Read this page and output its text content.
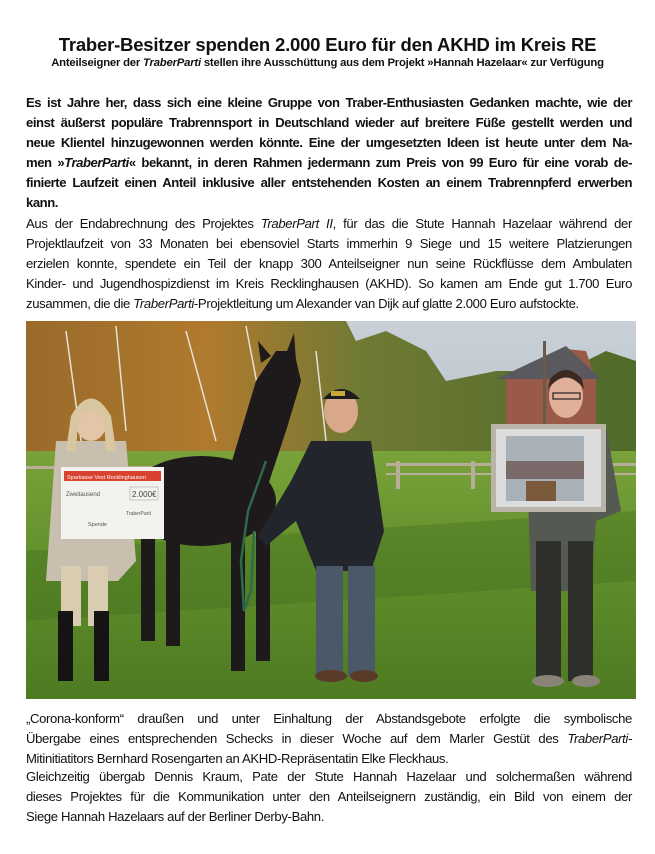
Traber-Besitzer spenden 2.000 Euro für den AKHD im Kreis RE
Anteilseigner der TraberParti stellen ihre Ausschüttung aus dem Projekt »Hannah Hazelaar« zur Verfügung
Es ist Jahre her, dass sich eine kleine Gruppe von Traber-Enthusiasten Gedanken machte, wie der
einst äußerst populäre Trabrennsport in Deutschland wieder auf breitere Füße gestellt werden und
neue Klientel hinzugewonnen werden könnte. Eine der umgesetzten Ideen ist heute unter dem Na-
men »TraberParti« bekannt, in deren Rahmen jedermann zum Preis von 99 Euro für eine vorab de-
finierte Laufzeit einen Anteil inklusive aller entstehenden Kosten an einem Trabrennpferd erwerben
kann.
Aus der Endabrechnung des Projektes TraberPart II, für das die Stute Hannah Hazelaar während der
Projektlaufzeit von 33 Monaten bei ebensoviel Starts immerhin 9 Siege und 15 weitere Platzierungen
erzielen konnte, spendete ein Teil der knapp 300 Anteilseigner nun seine Rückflüsse dem Ambulaten
Kinder- und Jugendhospizdienst im Kreis Recklinghausen (AKHD). So kamen am Ende gut 1.700 Euro
zusammen, die die TraberParti-Projektleitung um Alexander van Dijk auf glatte 2.000 Euro aufstockte.
Sparkasse Vest Recklinghausen
Zweitausend	2.000€
TraberParti
Spende
„Corona-konform“ draußen und unter Einhaltung der Abstandsgebote erfolgte die symbolische
Übergabe eines entsprechenden Schecks in dieser Woche auf dem Marler Gestüt des TraberParti-
Mitinitiatitors Bernhard Rosengarten an AKHD-Repräsentatin Elke Fleckhaus.
Gleichzeitig übergab Dennis Kraum, Pate der Stute Hannah Hazelaar und solchermaßen während
dieses Projektes für die Kommunikation unter den Anteilseignern zuständig, ein Bild von einem der
Siege Hannah Hazelaars auf der Berliner Derby-Bahn.
